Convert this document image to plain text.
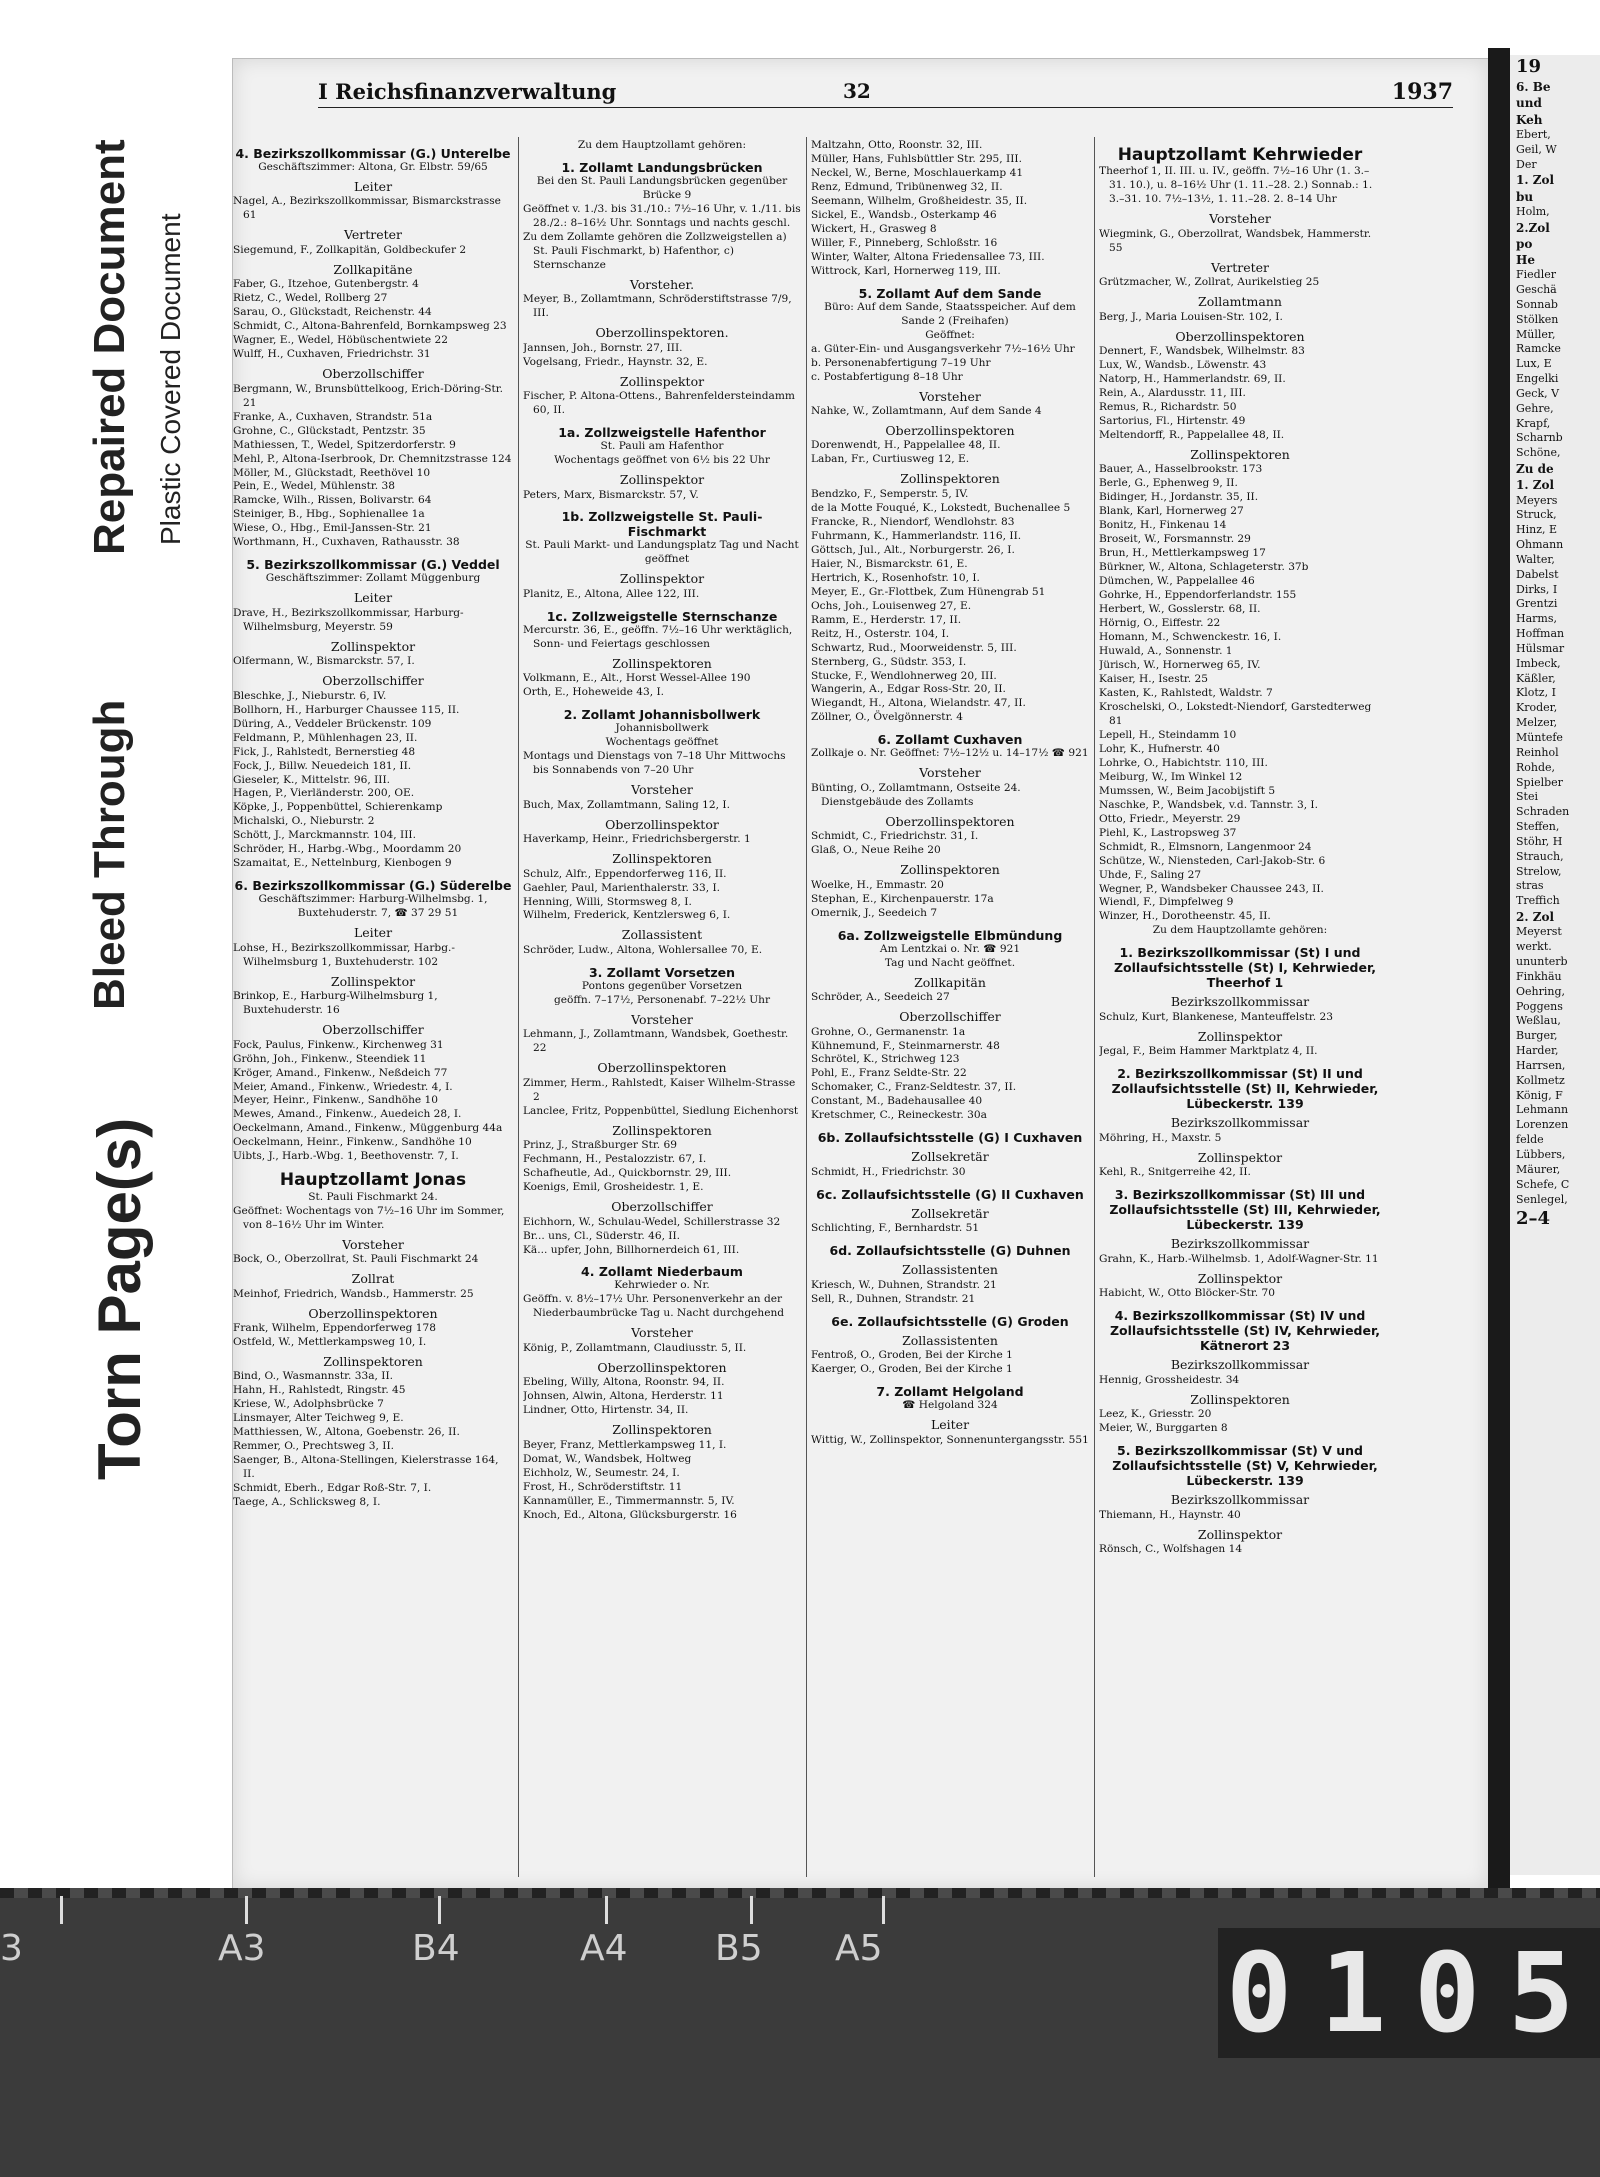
Torn Page(s)
Bleed Through
Repaired Document Plastic Covered Document
I Reichsfinanzverwaltung	32	1937

4. Bezirkszollkommissar (G.) Unterelbe

Geschäftszimmer: Altona, Gr. Elbstr. 59/65

Leiter

Nagel, A., Bezirkszollkommissar, Bismarckstrasse 61

Vertreter

Siegemund, F., Zollkapitän, Goldbeckufer 2

Zollkapitäne

Faber, G., Itzehoe, Gutenbergstr. 4

Rietz, C., Wedel, Rollberg 27

Sarau, O., Glückstadt, Reichenstr. 44

Schmidt, C., Altona-Bahrenfeld, Bornkampsweg 23

Wagner, E., Wedel, Höbüschentwiete 22

Wulff, H., Cuxhaven, Friedrichstr. 31

Oberzollschiffer

Bergmann, W., Brunsbüttelkoog, Erich-Döring-Str. 21

Franke, A., Cuxhaven, Strandstr. 51a

Grohne, C., Glückstadt, Pentzstr. 35

Mathiessen, T., Wedel, Spitzerdorferstr. 9

Mehl, P., Altona-Iserbrook, Dr. Chemnitzstrasse 124

Möller, M., Glückstadt, Reethövel 10

Pein, E., Wedel, Mühlenstr. 38

Ramcke, Wilh., Rissen, Bolivarstr. 64

Steiniger, B., Hbg., Sophienallee 1a

Wiese, O., Hbg., Emil-Janssen-Str. 21

Worthmann, H., Cuxhaven, Rathausstr. 38

5. Bezirkszollkommissar (G.) Veddel

Geschäftszimmer: Zollamt Müggenburg

Leiter

Drave, H., Bezirkszollkommissar, Harburg-Wilhelmsburg, Meyerstr. 59

Zollinspektor

Olfermann, W., Bismarckstr. 57, I.

Oberzollschiffer

Bleschke, J., Nieburstr. 6, IV.

Bollhorn, H., Harburger Chaussee 115, II.

Düring, A., Veddeler Brückenstr. 109

Feldmann, P., Mühlenhagen 23, II.

Fick, J., Rahlstedt, Bernerstieg 48

Fock, J., Billw. Neuedeich 181, II.

Gieseler, K., Mittelstr. 96, III.

Hagen, P., Vierländerstr. 200, OE.

Köpke, J., Poppenbüttel, Schierenkamp

Michalski, O., Nieburstr. 2

Schött, J., Marckmannstr. 104, III.

Schröder, H., Harbg.-Wbg., Moordamm 20

Szamaitat, E., Nettelnburg, Kienbogen 9

6. Bezirkszollkommissar (G.) Süderelbe

Geschäftszimmer: Harburg-Wilhelmsbg. 1, Buxtehuderstr. 7, ☎ 37 29 51

Leiter

Lohse, H., Bezirkszollkommissar, Harbg.-Wilhelmsburg 1, Buxtehuderstr. 102

Zollinspektor

Brinkop, E., Harburg-Wilhelmsburg 1, Buxtehuderstr. 16

Oberzollschiffer

Fock, Paulus, Finkenw., Kirchenweg 31

Gröhn, Joh., Finkenw., Steendiek 11

Kröger, Amand., Finkenw., Neßdeich 77

Meier, Amand., Finkenw., Wriedestr. 4, I.

Meyer, Heinr., Finkenw., Sandhöhe 10

Mewes, Amand., Finkenw., Auedeich 28, I.

Oeckelmann, Amand., Finkenw., Müggenburg 44a

Oeckelmann, Heinr., Finkenw., Sandhöhe 10

Uibts, J., Harb.-Wbg. 1, Beethovenstr. 7, I.

Hauptzollamt Jonas

St. Pauli Fischmarkt 24.

Geöffnet: Wochentags von 7½–16 Uhr im Sommer, von 8–16½ Uhr im Winter.

Vorsteher

Bock, O., Oberzollrat, St. Pauli Fischmarkt 24

Zollrat

Meinhof, Friedrich, Wandsb., Hammerstr. 25

Oberzollinspektoren

Frank, Wilhelm, Eppendorferweg 178

Ostfeld, W., Mettlerkampsweg 10, I.

Zollinspektoren

Bind, O., Wasmannstr. 33a, II.

Hahn, H., Rahlstedt, Ringstr. 45

Kriese, W., Adolphsbrücke 7

Linsmayer, Alter Teichweg 9, E.

Matthiessen, W., Altona, Goebenstr. 26, II.

Remmer, O., Prechtsweg 3, II.

Saenger, B., Altona-Stellingen, Kielerstrasse 164, II.

Schmidt, Eberh., Edgar Roß-Str. 7, I.

Taege, A., Schlicksweg 8, I.

Zu dem Hauptzollamt gehören:

1. Zollamt Landungsbrücken

Bei den St. Pauli Landungsbrücken gegenüber Brücke 9

Geöffnet v. 1./3. bis 31./10.: 7½–16 Uhr, v. 1./11. bis 28./2.: 8–16½ Uhr. Sonntags und nachts geschl.

Zu dem Zollamte gehören die Zollzweigstellen a) St. Pauli Fischmarkt, b) Hafenthor, c) Sternschanze

Vorsteher.

Meyer, B., Zollamtmann, Schröderstiftstrasse 7/9, III.

Oberzollinspektoren.

Jannsen, Joh., Bornstr. 27, III.

Vogelsang, Friedr., Haynstr. 32, E.

Zollinspektor

Fischer, P. Altona-Ottens., Bahrenfeldersteindamm 60, II.

1a. Zollzweigstelle Hafenthor

St. Pauli am Hafenthor

Wochentags geöffnet von 6½ bis 22 Uhr

Zollinspektor

Peters, Marx, Bismarckstr. 57, V.

1b. Zollzweigstelle St. Pauli-Fischmarkt

St. Pauli Markt- und Landungsplatz Tag und Nacht geöffnet

Zollinspektor

Planitz, E., Altona, Allee 122, III.

1c. Zollzweigstelle Sternschanze

Mercurstr. 36, E., geöffn. 7½–16 Uhr werktäglich, Sonn- und Feiertags geschlossen

Zollinspektoren

Volkmann, E., Alt., Horst Wessel-Allee 190

Orth, E., Hoheweide 43, I.

2. Zollamt Johannisbollwerk

Johannisbollwerk

Wochentags geöffnet

Montags und Dienstags von 7–18 Uhr Mittwochs bis Sonnabends von 7–20 Uhr

Vorsteher

Buch, Max, Zollamtmann, Saling 12, I.

Oberzollinspektor

Haverkamp, Heinr., Friedrichsbergerstr. 1

Zollinspektoren

Schulz, Alfr., Eppendorferweg 116, II.

Gaehler, Paul, Marienthalerstr. 33, I.

Henning, Willi, Stormsweg 8, I.

Wilhelm, Frederick, Kentzlersweg 6, I.

Zollassistent

Schröder, Ludw., Altona, Wohlersallee 70, E.

3. Zollamt Vorsetzen

Pontons gegenüber Vorsetzen

geöffn. 7–17½, Personenabf. 7–22½ Uhr

Vorsteher

Lehmann, J., Zollamtmann, Wandsbek, Goethestr. 22

Oberzollinspektoren

Zimmer, Herm., Rahlstedt, Kaiser Wilhelm-Strasse 2

Lanclee, Fritz, Poppenbüttel, Siedlung Eichenhorst

Zollinspektoren

Prinz, J., Straßburger Str. 69

Fechmann, H., Pestalozzistr. 67, I.

Schafheutle, Ad., Quickbornstr. 29, III.

Koenigs, Emil, Grosheidestr. 1, E.

Oberzollschiffer

Eichhorn, W., Schulau-Wedel, Schillerstrasse 32

Br... uns, Cl., Süderstr. 46, II.

Kä... upfer, John, Billhornerdeich 61, III.

4. Zollamt Niederbaum

Kehrwieder o. Nr.

Geöffn. v. 8½–17½ Uhr. Personenverkehr an der Niederbaumbrücke Tag u. Nacht durchgehend

Vorsteher

König, P., Zollamtmann, Claudiusstr. 5, II.

Oberzollinspektoren

Ebeling, Willy, Altona, Roonstr. 94, II.

Johnsen, Alwin, Altona, Herderstr. 11

Lindner, Otto, Hirtenstr. 34, II.

Zollinspektoren

Beyer, Franz, Mettlerkampsweg 11, I.

Domat, W., Wandsbek, Holtweg

Eichholz, W., Seumestr. 24, I.

Frost, H., Schröderstiftstr. 11

Kannamüller, E., Timmermannstr. 5, IV.

Knoch, Ed., Altona, Glücksburgerstr. 16

Maltzahn, Otto, Roonstr. 32, III.

Müller, Hans, Fuhlsbüttler Str. 295, III.

Neckel, W., Berne, Moschlauerkamp 41

Renz, Edmund, Tribünenweg 32, II.

Seemann, Wilhelm, Großheidestr. 35, II.

Sickel, E., Wandsb., Osterkamp 46

Wickert, H., Grasweg 8

Willer, F., Pinneberg, Schloßstr. 16

Winter, Walter, Altona Friedensallee 73, III.

Wittrock, Karl, Hornerweg 119, III.

5. Zollamt Auf dem Sande

Büro: Auf dem Sande, Staatsspeicher. Auf dem Sande 2 (Freihafen)

Geöffnet:

a. Güter-Ein- und Ausgangsverkehr 7½–16½ Uhr

b. Personenabfertigung 7–19 Uhr

c. Postabfertigung 8–18 Uhr

Vorsteher

Nahke, W., Zollamtmann, Auf dem Sande 4

Oberzollinspektoren

Dorenwendt, H., Pappelallee 48, II.

Laban, Fr., Curtiusweg 12, E.

Zollinspektoren

Bendzko, F., Semperstr. 5, IV.

de la Motte Fouqué, K., Lokstedt, Buchenallee 5

Francke, R., Niendorf, Wendlohstr. 83

Fuhrmann, K., Hammerlandstr. 116, II.

Göttsch, Jul., Alt., Norburgerstr. 26, I.

Haier, N., Bismarckstr. 61, E.

Hertrich, K., Rosenhofstr. 10, I.

Meyer, E., Gr.-Flottbek, Zum Hünengrab 51

Ochs, Joh., Louisenweg 27, E.

Ramm, E., Herderstr. 17, II.

Reitz, H., Osterstr. 104, I.

Schwartz, Rud., Moorweidenstr. 5, III.

Sternberg, G., Südstr. 353, I.

Stucke, F., Wendlohnerweg 20, III.

Wangerin, A., Edgar Ross-Str. 20, II.

Wiegandt, H., Altona, Wielandstr. 47, II.

Zöllner, O., Övelgönnerstr. 4

6. Zollamt Cuxhaven

Zollkaje o. Nr. Geöffnet: 7½–12½ u. 14–17½ ☎ 921

Vorsteher

Bünting, O., Zollamtmann, Ostseite 24. Dienstgebäude des Zollamts

Oberzollinspektoren

Schmidt, C., Friedrichstr. 31, I.

Glaß, O., Neue Reihe 20

Zollinspektoren

Woelke, H., Emmastr. 20

Stephan, E., Kirchenpauerstr. 17a

Omernik, J., Seedeich 7

6a. Zollzweigstelle Elbmündung

Am Lentzkai o. Nr. ☎ 921

Tag und Nacht geöffnet.

Zollkapitän

Schröder, A., Seedeich 27

Oberzollschiffer

Grohne, O., Germanenstr. 1a

Kühnemund, F., Steinmarnerstr. 48

Schrötel, K., Strichweg 123

Pohl, E., Franz Seldte-Str. 22

Schomaker, C., Franz-Seldtestr. 37, II.

Constant, M., Badehausallee 40

Kretschmer, C., Reineckestr. 30a

6b. Zollaufsichtsstelle (G) I Cuxhaven

Zollsekretär

Schmidt, H., Friedrichstr. 30

6c. Zollaufsichtsstelle (G) II Cuxhaven

Zollsekretär

Schlichting, F., Bernhardstr. 51

6d. Zollaufsichtsstelle (G) Duhnen

Zollassistenten

Kriesch, W., Duhnen, Strandstr. 21

Sell, R., Duhnen, Strandstr. 21

6e. Zollaufsichtsstelle (G) Groden

Zollassistenten

Fentroß, O., Groden, Bei der Kirche 1

Kaerger, O., Groden, Bei der Kirche 1

7. Zollamt Helgoland

☎ Helgoland 324

Leiter

Wittig, W., Zollinspektor, Sonnenuntergangsstr. 551

Hauptzollamt Kehrwieder

Theerhof 1, II. III. u. IV., geöffn. 7½–16 Uhr (1. 3.–31. 10.), u. 8–16½ Uhr (1. 11.–28. 2.) Sonnab.: 1. 3.–31. 10. 7½–13½, 1. 11.–28. 2. 8–14 Uhr

Vorsteher

Wiegmink, G., Oberzollrat, Wandsbek, Hammerstr. 55

Vertreter

Grützmacher, W., Zollrat, Aurikelstieg 25

Zollamtmann

Berg, J., Maria Louisen-Str. 102, I.

Oberzollinspektoren

Dennert, F., Wandsbek, Wilhelmstr. 83

Lux, W., Wandsb., Löwenstr. 43

Natorp, H., Hammerlandstr. 69, II.

Rein, A., Alardusstr. 11, III.

Remus, R., Richardstr. 50

Sartorius, Fl., Hirtenstr. 49

Meltendorff, R., Pappelallee 48, II.

Zollinspektoren

Bauer, A., Hasselbrookstr. 173

Berle, G., Ephenweg 9, II.

Bidinger, H., Jordanstr. 35, II.

Blank, Karl, Hornerweg 27

Bonitz, H., Finkenau 14

Broseit, W., Forsmannstr. 29

Brun, H., Mettlerkampsweg 17

Bürkner, W., Altona, Schlageterstr. 37b

Dümchen, W., Pappelallee 46

Gohrke, H., Eppendorferlandstr. 155

Herbert, W., Gosslerstr. 68, II.

Hörnig, O., Eiffestr. 22

Homann, M., Schwenckestr. 16, I.

Huwald, A., Sonnenstr. 1

Jürisch, W., Hornerweg 65, IV.

Kaiser, H., Isestr. 25

Kasten, K., Rahlstedt, Waldstr. 7

Kroschelski, O., Lokstedt-Niendorf, Garstedterweg 81

Lepell, H., Steindamm 10

Lohr, K., Hufnerstr. 40

Lohrke, O., Habichtstr. 110, III.

Meiburg, W., Im Winkel 12

Mumssen, W., Beim Jacobijstift 5

Naschke, P., Wandsbek, v.d. Tannstr. 3, I.

Otto, Friedr., Meyerstr. 29

Piehl, K., Lastropsweg 37

Schmidt, R., Elmsnorn, Langenmoor 24

Schütze, W., Niensteden, Carl-Jakob-Str. 6

Uhde, F., Saling 27

Wegner, P., Wandsbeker Chaussee 243, II.

Wiendl, F., Dimpfelweg 9

Winzer, H., Dorotheenstr. 45, II.

Zu dem Hauptzollamte gehören:

1. Bezirkszollkommissar (St) I und Zollaufsichtsstelle (St) I, Kehrwieder, Theerhof 1

Bezirkszollkommissar

Schulz, Kurt, Blankenese, Manteuffelstr. 23

Zollinspektor

Jegal, F., Beim Hammer Marktplatz 4, II.

2. Bezirkszollkommissar (St) II und Zollaufsichtsstelle (St) II, Kehrwieder, Lübeckerstr. 139

Bezirkszollkommissar

Möhring, H., Maxstr. 5

Zollinspektor

Kehl, R., Snitgerreihe 42, II.

3. Bezirkszollkommissar (St) III und Zollaufsichtsstelle (St) III, Kehrwieder, Lübeckerstr. 139

Bezirkszollkommissar

Grahn, K., Harb.-Wilhelmsb. 1, Adolf-Wagner-Str. 11

Zollinspektor

Habicht, W., Otto Blöcker-Str. 70

4. Bezirkszollkommissar (St) IV und Zollaufsichtsstelle (St) IV, Kehrwieder, Kätnerort 23

Bezirkszollkommissar

Hennig, Grossheidestr. 34

Zollinspektoren

Leez, K., Griesstr. 20

Meier, W., Burggarten 8

5. Bezirkszollkommissar (St) V und Zollaufsichtsstelle (St) V, Kehrwieder, Lübeckerstr. 139

Bezirkszollkommissar

Thiemann, H., Haynstr. 40

Zollinspektor

Rönsch, C., Wolfshagen 14

19
6. Be
und
Keh
Ebert,
Geil, W
Der
1. Zol
bu
Holm,
2.Zol
po
He
Fiedler
Geschä
Sonnab
Stölken
Müller,
Ramcke
Lux, E
Engelki
Geck, V
Gehre,
Krapf,
Scharnb
Schöne,
Zu de
1. Zol
Meyers
Struck,
Hinz, E
Ohmann
Walter,
Dabelst
Dirks, I
Grentzi
Harms,
Hoffman
Hülsmar
Imbeck,
Käßler,
Klotz, I
Kroder,
Melzer,
Müntefe
Reinhol
Rohde,
Spielber
Stei
Schraden
Steffen,
Stöhr, H
Strauch,
Strelow,
stras
Treffich
2. Zol
Meyerst
werkt.
ununterb
Finkhäu
Oehring,
Poggens
Weßlau,
Burger,
Harder,
Harrsen,
Kollmetz
König, F
Lehmann
Lorenzen
felde
Lübbers,
Mäurer,
Schefe, C
Senlegel,
2–4
3	A3	B4	A4 B5 A5	0 1 0 5
